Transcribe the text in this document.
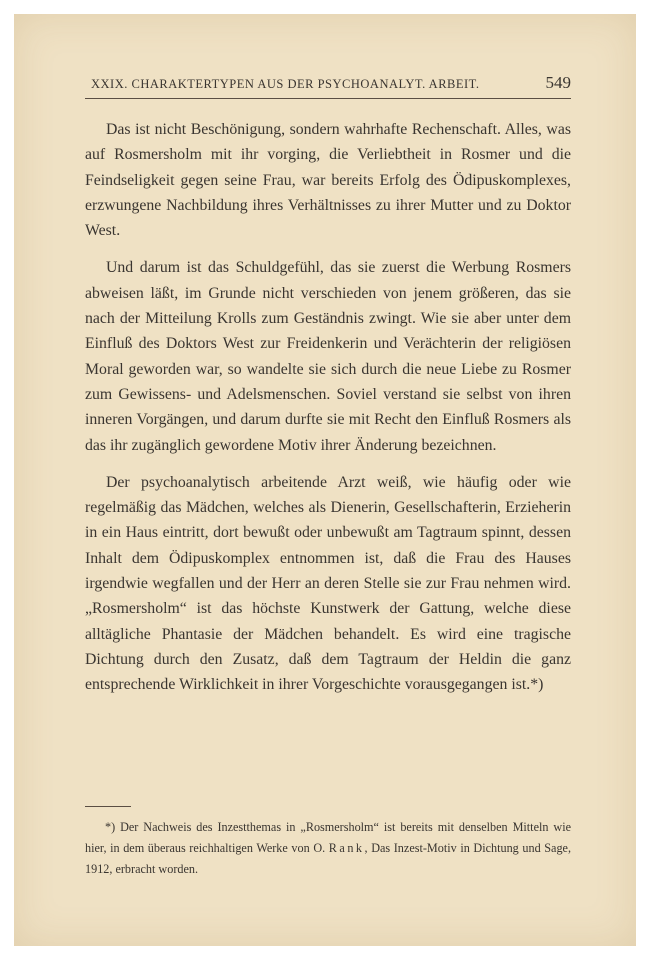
XXIX. CHARAKTERTYPEN AUS DER PSYCHOANALYT. ARBEIT.	549

Das ist nicht Beschönigung, sondern wahrhafte Rechenschaft. Alles, was auf Rosmersholm mit ihr vorging, die Verliebtheit in Rosmer und die Feindseligkeit gegen seine Frau, war bereits Erfolg des Ödipuskomplexes, erzwungene Nachbildung ihres Verhältnisses zu ihrer Mutter und zu Doktor West.

Und darum ist das Schuldgefühl, das sie zuerst die Werbung Rosmers abweisen läßt, im Grunde nicht verschieden von jenem größeren, das sie nach der Mitteilung Krolls zum Geständnis zwingt. Wie sie aber unter dem Einfluß des Doktors West zur Freidenkerin und Verächterin der religiösen Moral geworden war, so wandelte sie sich durch die neue Liebe zu Rosmer zum Gewissens- und Adelsmenschen. Soviel verstand sie selbst von ihren inneren Vorgängen, und darum durfte sie mit Recht den Einfluß Rosmers als das ihr zugänglich gewordene Motiv ihrer Änderung bezeichnen.

Der psychoanalytisch arbeitende Arzt weiß, wie häufig oder wie regelmäßig das Mädchen, welches als Dienerin, Gesellschafterin, Erzieherin in ein Haus eintritt, dort bewußt oder unbewußt am Tagtraum spinnt, dessen Inhalt dem Ödipuskomplex entnommen ist, daß die Frau des Hauses irgendwie wegfallen und der Herr an deren Stelle sie zur Frau nehmen wird. „Rosmersholm“ ist das höchste Kunstwerk der Gattung, welche diese alltägliche Phantasie der Mädchen behandelt. Es wird eine tragische Dichtung durch den Zusatz, daß dem Tagtraum der Heldin die ganz entsprechende Wirklichkeit in ihrer Vorgeschichte vorausgegangen ist.*)

*) Der Nachweis des Inzestthemas in „Rosmersholm“ ist bereits mit denselben Mitteln wie hier, in dem überaus reichhaltigen Werke von O. Rank, Das Inzest-Motiv in Dichtung und Sage, 1912, erbracht worden.
